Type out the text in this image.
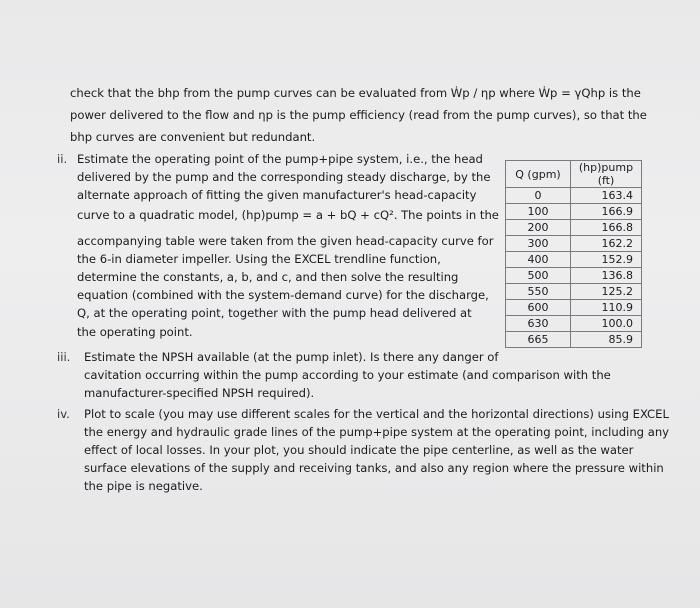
check that the bhp from the pump curves can be evaluated from Ẇp / ηp where Ẇp = γQhp is the
power delivered to the flow and ηp is the pump efficiency (read from the pump curves), so that the
bhp curves are convenient but redundant.
ii. Estimate the operating point of the pump+pipe system, i.e., the head
delivered by the pump and the corresponding steady discharge, by the
alternate approach of fitting the given manufacturer's head-capacity
curve to a quadratic model, (hp)pump = a + bQ + cQ². The points in the
accompanying table were taken from the given head-capacity curve for
the 6-in diameter impeller. Using the EXCEL trendline function,
determine the constants, a, b, and c, and then solve the resulting
equation (combined with the system-demand curve) for the discharge,
Q, at the operating point, together with the pump head delivered at
the operating point.
Q (gpm)	(hp)pump (ft)
0	163.4
100	166.9
200	166.8
300	162.2
400	152.9
500	136.8
550	125.2
600	110.9
630	100.0
665	85.9
iii. Estimate the NPSH available (at the pump inlet). Is there any danger of
cavitation occurring within the pump according to your estimate (and comparison with the
manufacturer-specified NPSH required).
iv. Plot to scale (you may use different scales for the vertical and the horizontal directions) using EXCEL
the energy and hydraulic grade lines of the pump+pipe system at the operating point, including any
effect of local losses. In your plot, you should indicate the pipe centerline, as well as the water
surface elevations of the supply and receiving tanks, and also any region where the pressure within
the pipe is negative.
